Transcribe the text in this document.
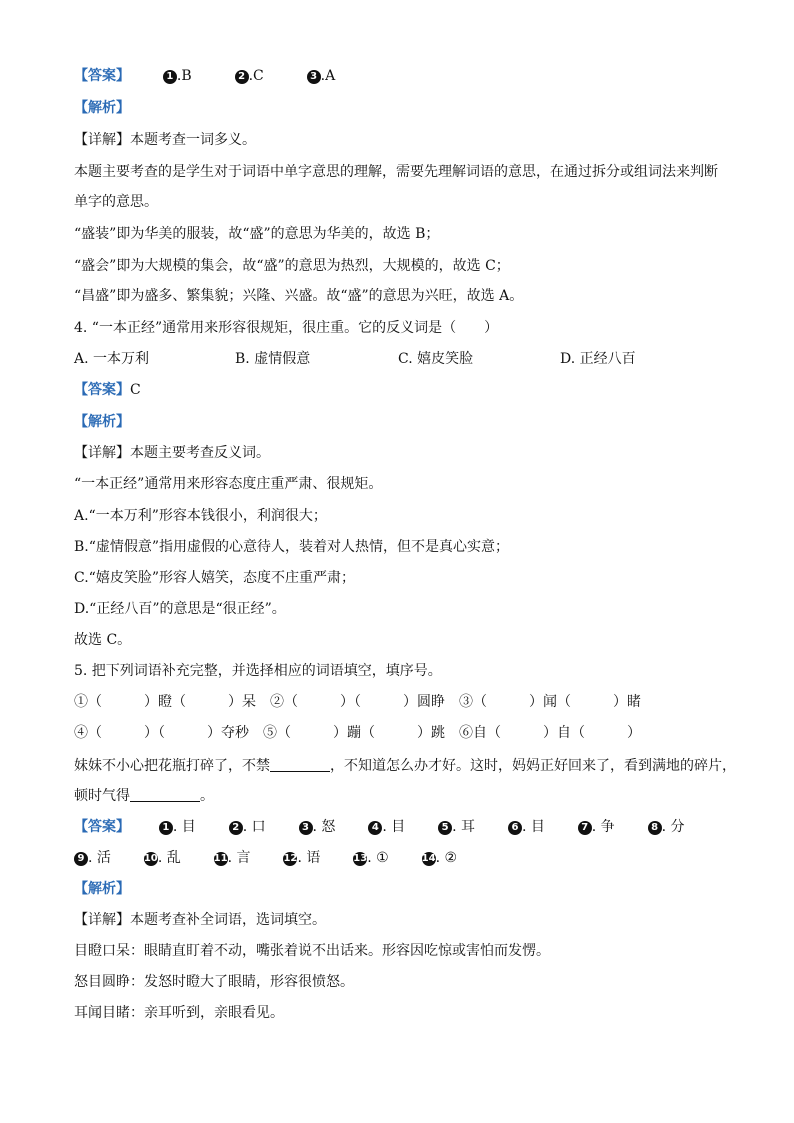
【答案】	1 .B	2 .C	3 .A
【解析】
【详解】本题考查一词多义。
本题主要考查的是学生对于词语中单字意思的理解，需要先理解词语的意思，在通过拆分或组词法来判断
单字的意思。
“盛装”即为华美的服装，故“盛”的意思为华美的，故选 B；
“盛会”即为大规模的集会，故“盛”的意思为热烈，大规模的，故选 C；
“昌盛”即为盛多、繁集貌；兴隆、兴盛。故“盛”的意思为兴旺，故选 A。
4. “一本正经”通常用来形容很规矩，很庄重。它的反义词是（　　）
A. 一本万利	B. 虚情假意	C. 嬉皮笑脸	D. 正经八百
【答案】C
【解析】
【详解】本题主要考查反义词。
“一本正经”通常用来形容态度庄重严肃、很规矩。
A.“一本万利”形容本钱很小，利润很大；
B.“虚情假意”指用虚假的心意待人，装着对人热情，但不是真心实意；
C.“嬉皮笑脸”形容人嬉笑，态度不庄重严肃；
D.“正经八百”的意思是“很正经”。
故选 C。
5. 把下列词语补充完整，并选择相应的词语填空，填序号。
①（　　　）瞪（　　　）呆　②（　　　）（　　　）圆睁　③（　　　）闻（　　　）睹
④（　　　）（　　　）夺秒　⑤（　　　）蹦（　　　）跳　⑥自（　　　）自（　　　）
妹妹不小心把花瓶打碎了，不禁	，不知道怎么办才好。这时，妈妈正好回来了，看到满地的碎片，
顿时气得	。
【答案】	1 . 目	2 . 口	3 . 怒	4 . 目	5 . 耳	6 . 目	7 . 争	8 . 分
9 . 活	10. 乱	11. 言	12. 语	13. ①	14. ②
【解析】
【详解】本题考查补全词语，选词填空。
目瞪口呆：眼睛直盯着不动，嘴张着说不出话来。形容因吃惊或害怕而发愣。
怒目圆睁：发怒时瞪大了眼睛，形容很愤怒。
耳闻目睹：亲耳听到，亲眼看见。
